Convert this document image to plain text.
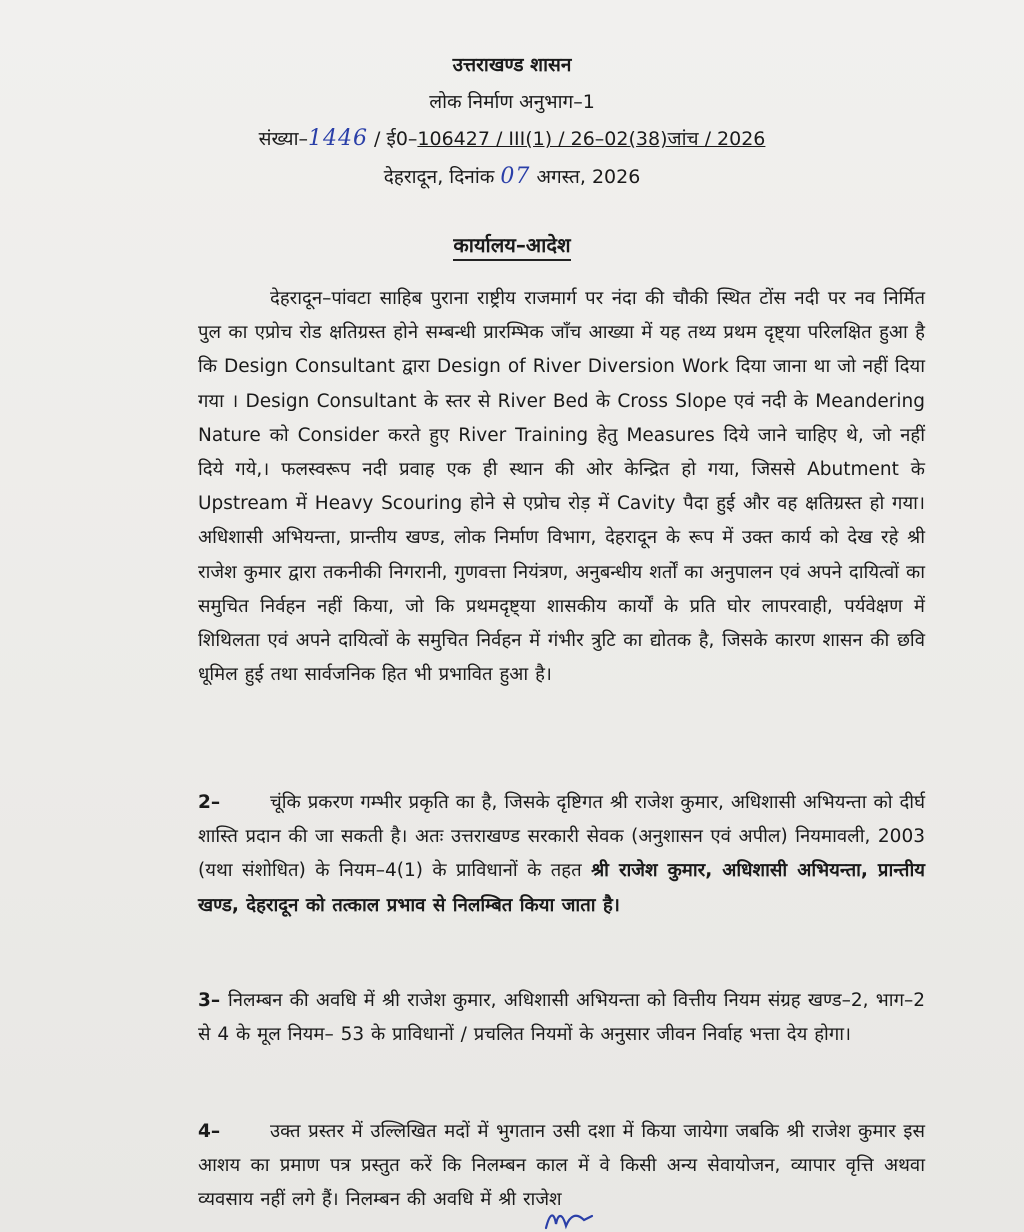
उत्तराखण्ड शासन
लोक निर्माण अनुभाग–1
संख्या–1446 / ई0–106427 / III(1) / 26–02(38)जांच / 2026
देहरादून, दिनांक 07 अगस्त, 2026
कार्यालय–आदेश
देहरादून–पांवटा साहिब पुराना राष्ट्रीय राजमार्ग पर नंदा की चौकी स्थित टोंस नदी पर नव निर्मित पुल का एप्रोच रोड क्षतिग्रस्त होने सम्बन्धी प्रारम्भिक जाँच आख्या में यह तथ्य प्रथम दृष्ट्या परिलक्षित हुआ है कि Design Consultant द्वारा Design of River Diversion Work दिया जाना था जो नहीं दिया गया । Design Consultant के स्तर से River Bed के Cross Slope एवं नदी के Meandering Nature को Consider करते हुए River Training हेतु Measures दिये जाने चाहिए थे, जो नहीं दिये गये,। फलस्वरूप नदी प्रवाह एक ही स्थान की ओर केन्द्रित हो गया, जिससे Abutment के Upstream में Heavy Scouring होने से एप्रोच रोड़ में Cavity पैदा हुई और वह क्षतिग्रस्त हो गया। अधिशासी अभियन्ता, प्रान्तीय खण्ड, लोक निर्माण विभाग, देहरादून के रूप में उक्त कार्य को देख रहे श्री राजेश कुमार द्वारा तकनीकी निगरानी, गुणवत्ता नियंत्रण, अनुबन्धीय शर्तों का अनुपालन एवं अपने दायित्वों का समुचित निर्वहन नहीं किया, जो कि प्रथमदृष्ट्या शासकीय कार्यों के प्रति घोर लापरवाही, पर्यवेक्षण में शिथिलता एवं अपने दायित्वों के समुचित निर्वहन में गंभीर त्रुटि का द्योतक है, जिसके कारण शासन की छवि धूमिल हुई तथा सार्वजनिक हित भी प्रभावित हुआ है।
2–	चूंकि प्रकरण गम्भीर प्रकृति का है, जिसके दृष्टिगत श्री राजेश कुमार, अधिशासी अभियन्ता को दीर्घ शास्ति प्रदान की जा सकती है। अतः उत्तराखण्ड सरकारी सेवक (अनुशासन एवं अपील) नियमावली, 2003 (यथा संशोधित) के नियम–4(1) के प्राविधानों के तहत श्री राजेश कुमार, अधिशासी अभियन्ता, प्रान्तीय खण्ड, देहरादून को तत्काल प्रभाव से निलम्बित किया जाता है।
3– निलम्बन की अवधि में श्री राजेश कुमार, अधिशासी अभियन्ता को वित्तीय नियम संग्रह खण्ड–2, भाग–2 से 4 के मूल नियम– 53 के प्राविधानों / प्रचलित नियमों के अनुसार जीवन निर्वाह भत्ता देय होगा।
4–	उक्त प्रस्तर में उल्लिखित मदों में भुगतान उसी दशा में किया जायेगा जबकि श्री राजेश कुमार इस आशय का प्रमाण पत्र प्रस्तुत करें कि निलम्बन काल में वे किसी अन्य सेवायोजन, व्यापार वृत्ति अथवा व्यवसाय नहीं लगे हैं। निलम्बन की अवधि में श्री राजेश
